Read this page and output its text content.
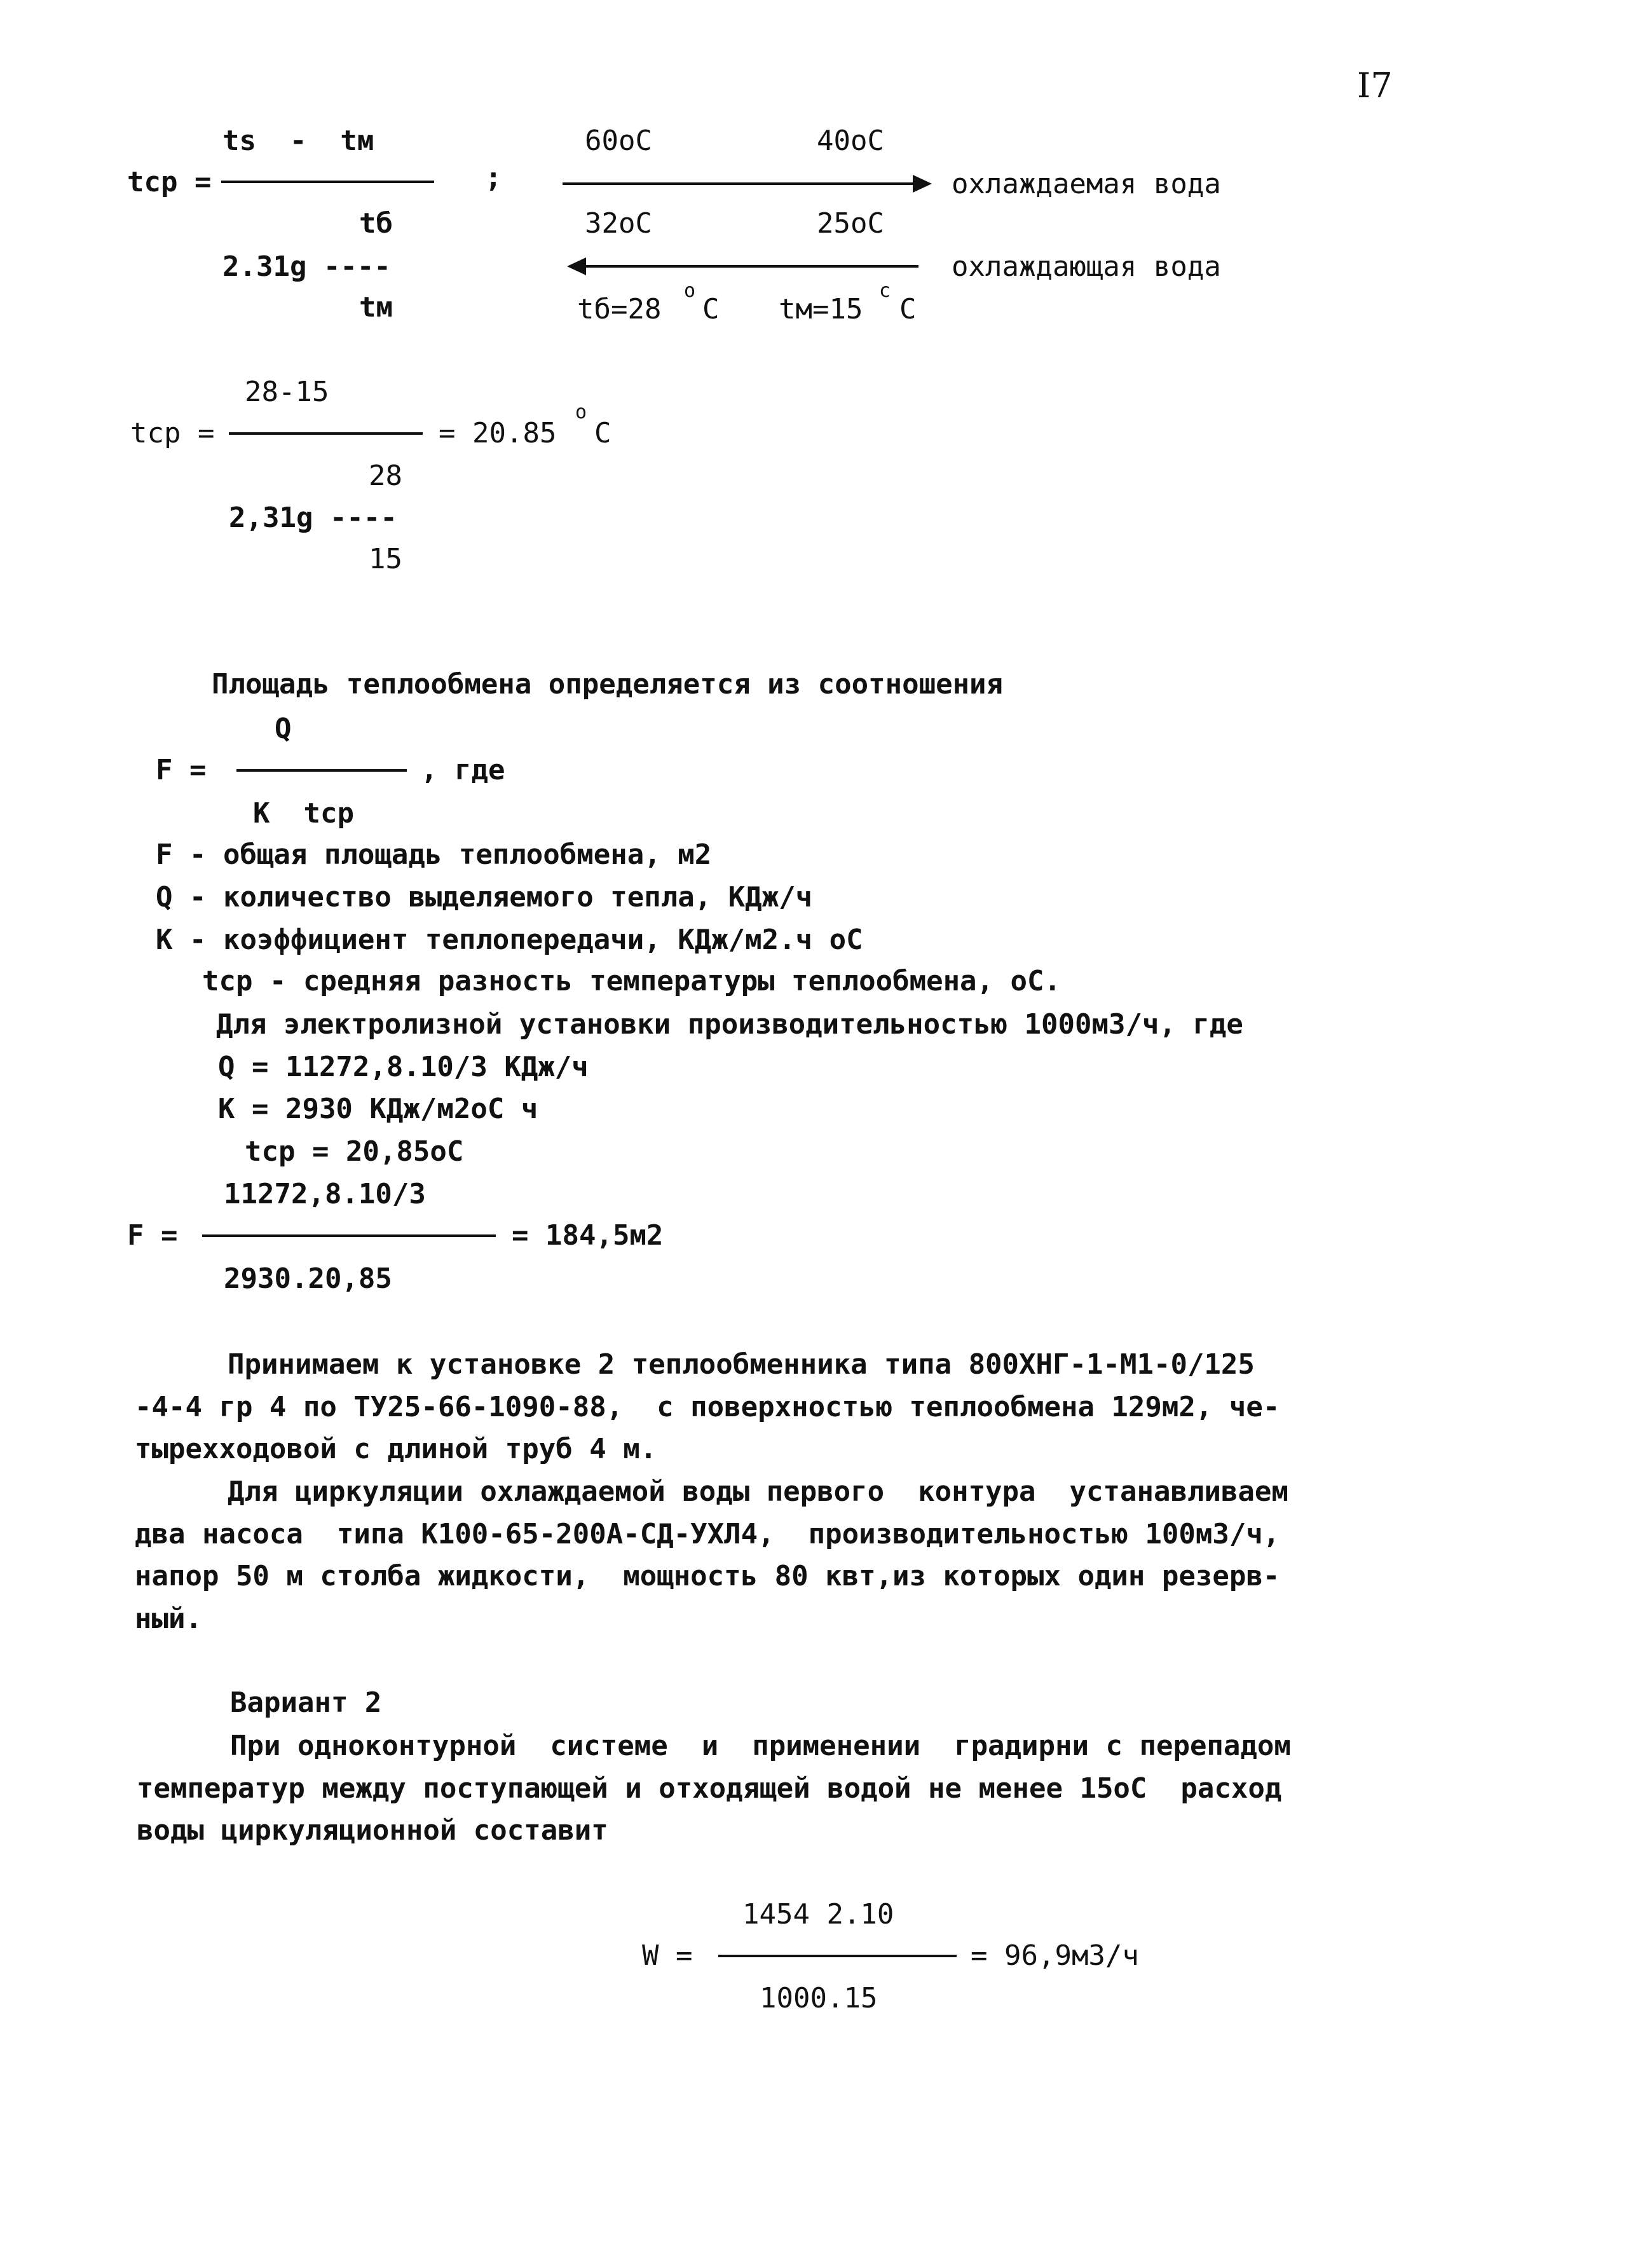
I7
ts  -  tм
tcp =	;
tб
2.31g ----
tм
60oC	40oC
охлаждаемая вода
32oC	25oC
охлаждающая вода
tб=28
o
C tм=15
c
C
28-15
tcp =	= 20.85
o
C
28
2,31g ----
15
Площадь теплообмена определяется из соотношения
Q
F =	, где
К  tcp
F - общая площадь теплообмена, м2
Q - количество выделяемого тепла, КДж/ч
К - коэффициент теплопередачи, КДж/м2.ч oC
tcp - средняя разность температуры теплообмена, oC.
Для электролизной установки производительностью 1000м3/ч, где
Q = 11272,8.10/3 КДж/ч
К = 2930 КДж/м2oC ч
tcp = 20,85oC
11272,8.10/3
F =	= 184,5м2
2930.20,85
Принимаем к установке 2 теплообменника типа 800ХНГ-1-М1-0/125
-4-4 гр 4 по ТУ25-66-1090-88,  с поверхностью теплообмена 129м2, че-
тырехходовой с длиной труб 4 м.
Для циркуляции охлаждаемой воды первого  контура  устанавливаем
два насоса  типа К100-65-200А-СД-УХЛ4,  производительностью 100м3/ч,
напор 50 м столба жидкости,  мощность 80 квт,из которых один резерв-
ный.
Вариант 2
При одноконтурной  системе  и  применении  градирни с перепадом
температур между поступающей и отходящей водой не менее 15oC  расход
воды циркуляционной составит
1454 2.10
W =	= 96,9м3/ч
1000.15
